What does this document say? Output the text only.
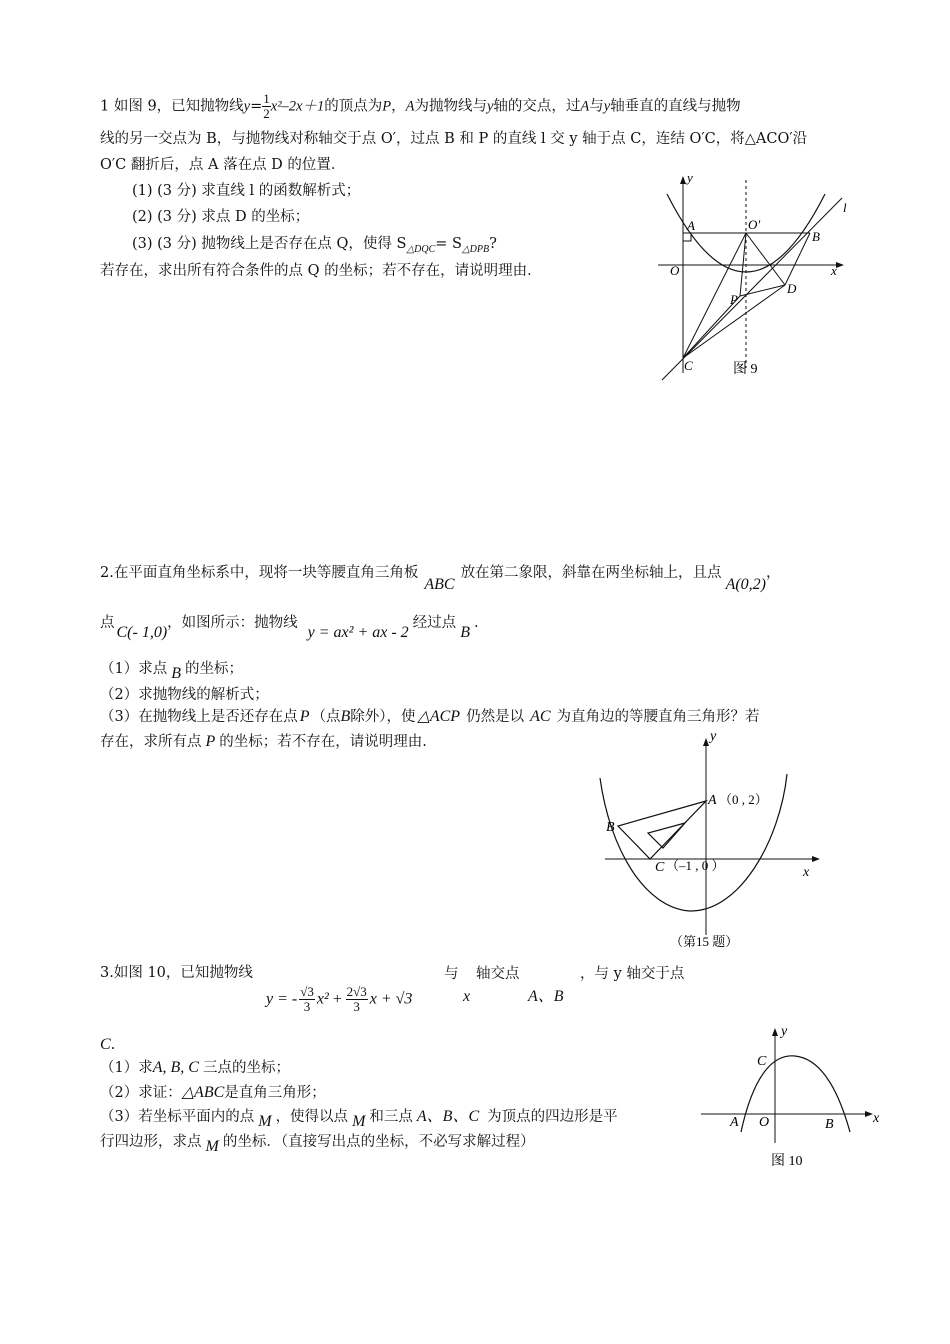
1 如图 9，已知抛物线$y= \frac{1}{2} x^2-2x+1$的顶点为P，A为抛物线与y轴的交点，过A与y轴垂直的直线与抛物
线的另一交点为 B，与抛物线对称轴交于点 O′，过点 B 和 P 的直线 l 交 y 轴于点 C，连结 O′C，将△ACO′沿
O′C 翻折后，点 A 落在点 D 的位置．
(1) (3 分) 求直线 l 的函数解析式；
(2) (3 分) 求点 D 的坐标；
(3) (3 分) 抛物线上是否存在点 Q，使得 $S_{\triangle DQC}= S_{\triangle DPB}$?
若存在，求出所有符合条件的点 Q 的坐标；若不存在，请说明理由．
y
x
l
A	O′
B
O
P
D
C	图 9
2.在平面直角坐标系中，现将一块等腰直角三角板ABC放在第二象限，斜靠在两坐标轴上，且点A(0,2)，
点C(- 1,0)，如图所示：抛物线y = ax² + ax - 2经过点B.
（1）求点 B 的坐标；
（2）求抛物线的解析式；
（3）在抛物线上是否还存在点 P （点B除外），使 △ACP 仍然是以 AC 为直角边的等腰直角三角形？若
存在，求所有点 P 的坐标；若不存在，请说明理由.	y
x
A （0 , 2）
B
C （–1 , 0 ）
（第15 题）
3.如图 10，已知抛物线
y = - $\frac{√3}{3} x^2 + \frac{2√3}{3}$ x + √3
与
x
轴交点
A、B
，与 y 轴交于点
C.
（1）求A, B, C 三点的坐标；
（2）求证：△ABC是直角三角形；
（3）若坐标平面内的点 M ，使得以点 M 和三点 A、B、C 为顶点的四边形是平
行四边形，求点 M 的坐标．（直接写出点的坐标，不必写求解过程）
y
x
C
A O	B
图 10
